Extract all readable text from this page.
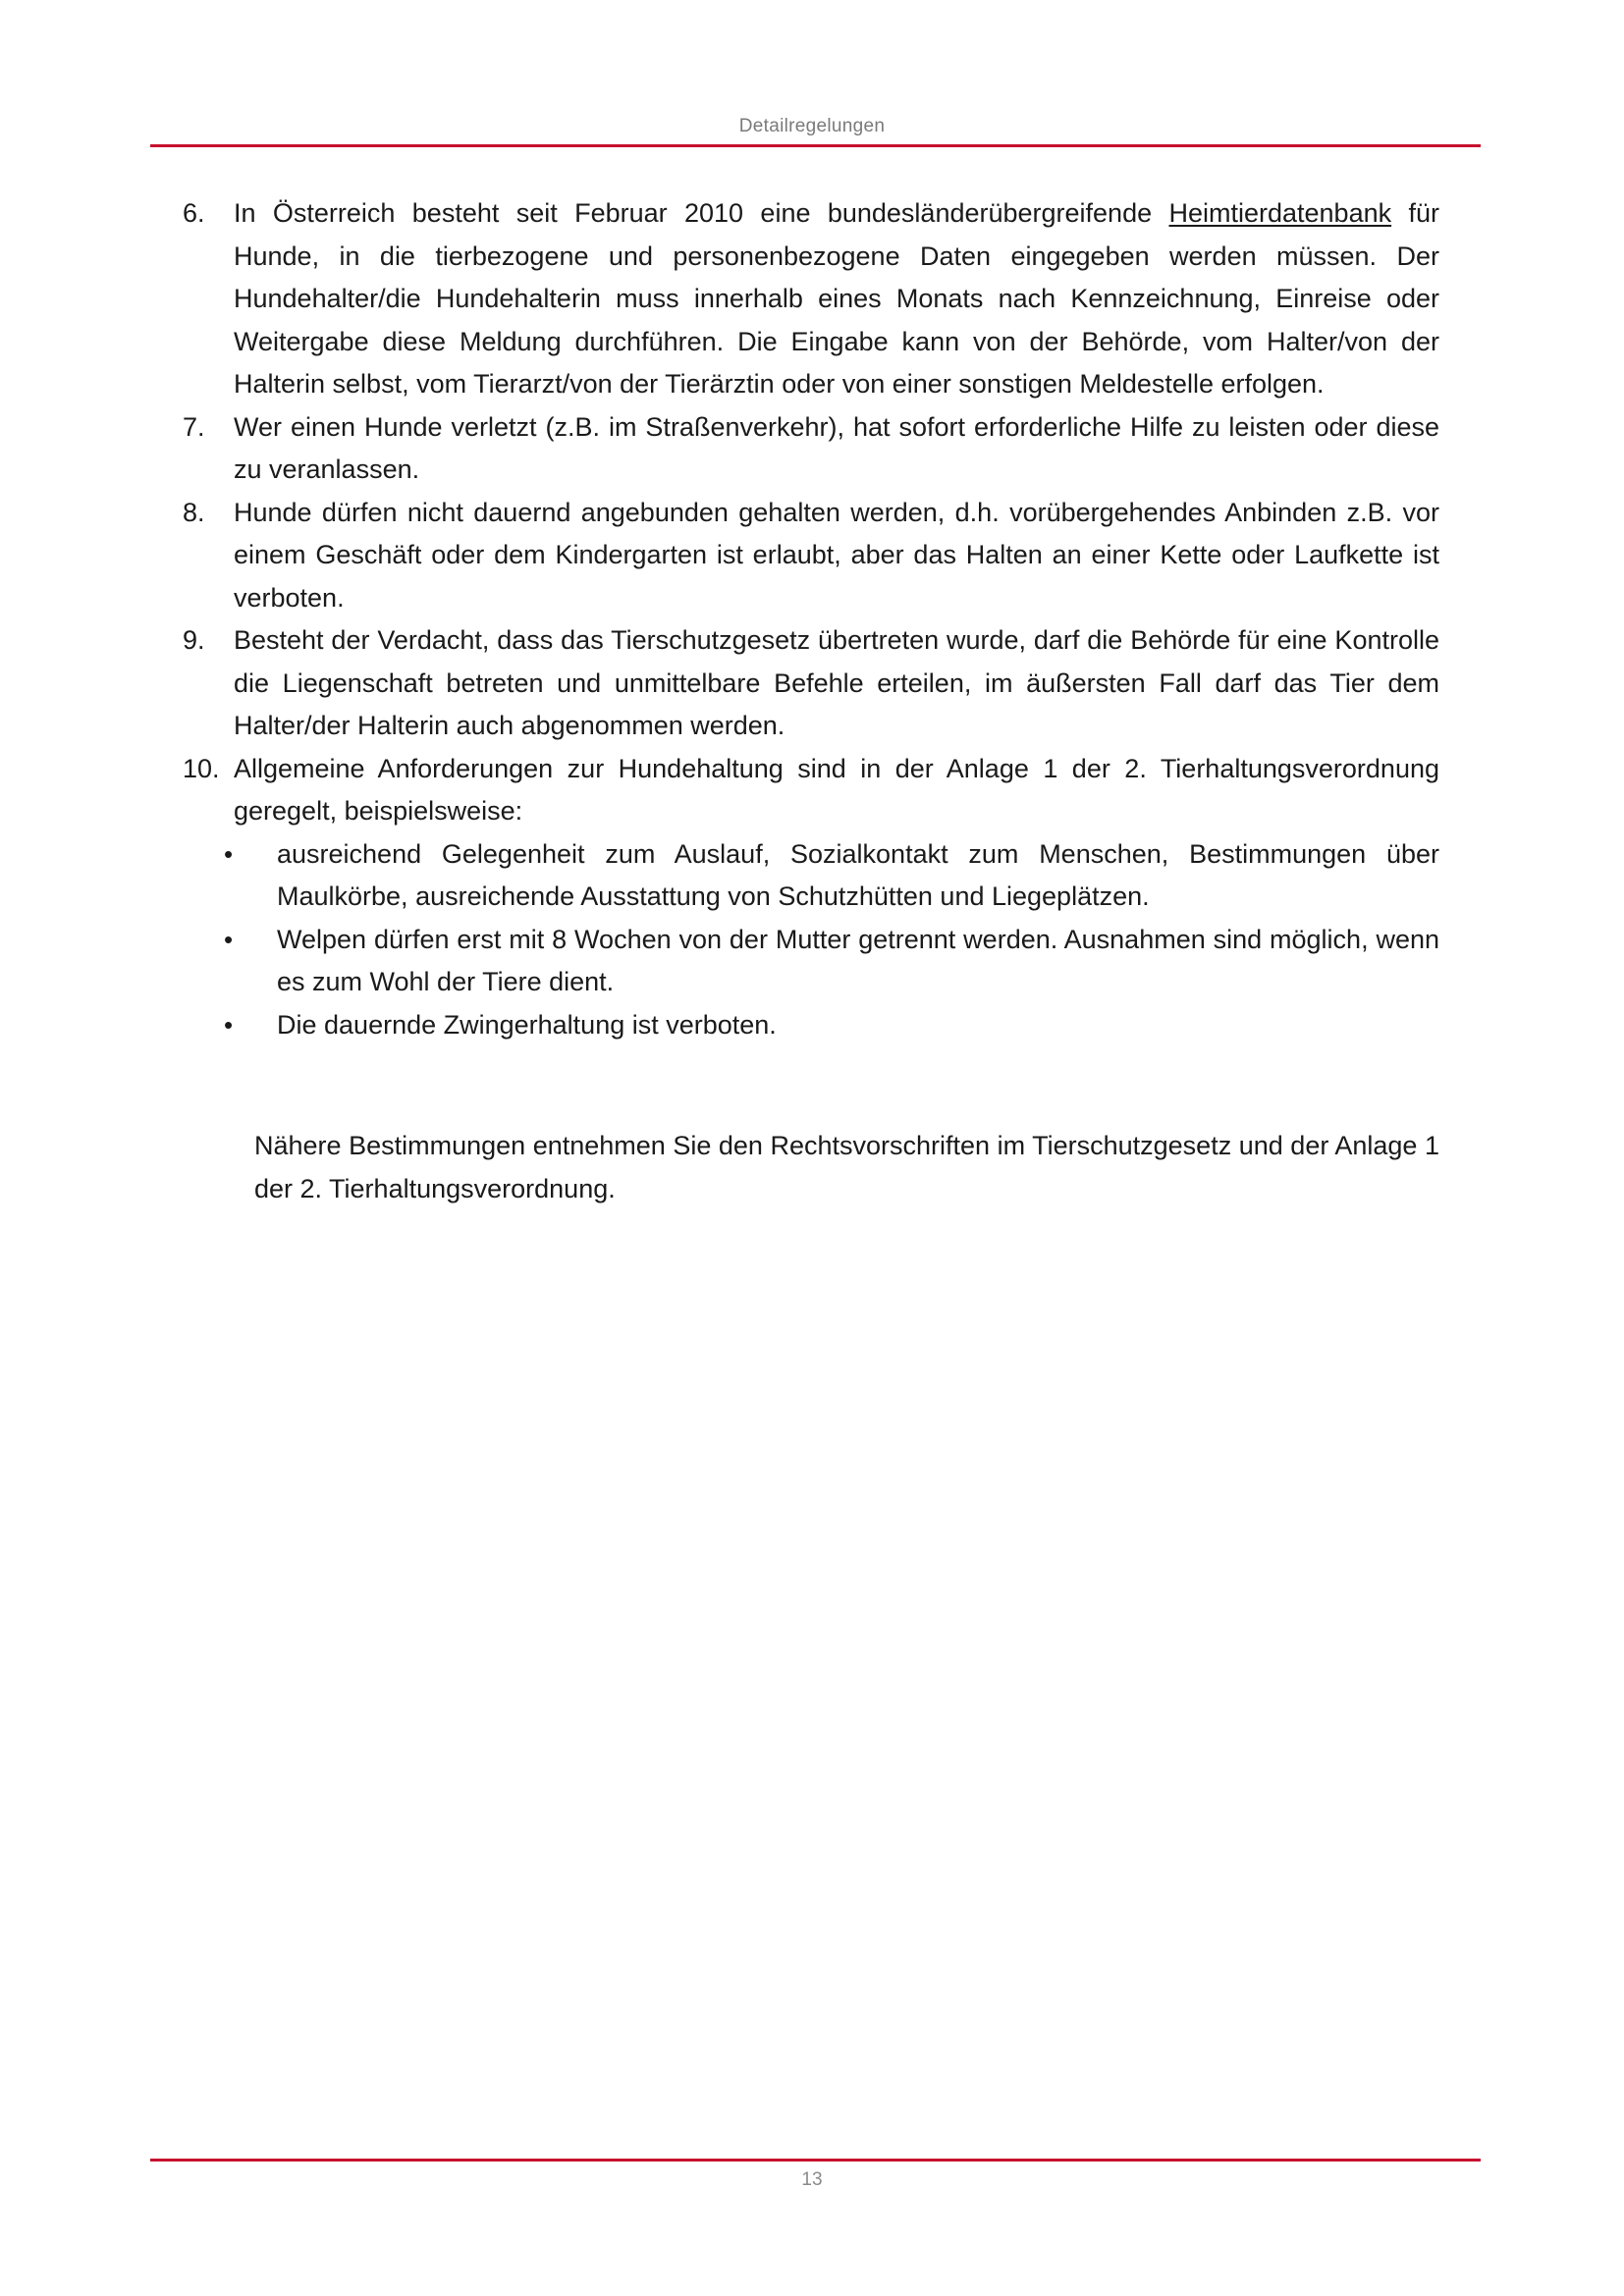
Detailregelungen
6. In Österreich besteht seit Februar 2010 eine bundesländerübergreifende Heimtierdatenbank für Hunde, in die tierbezogene und personenbezogene Daten eingegeben werden müssen. Der Hundehalter/die Hundehalterin muss innerhalb eines Monats nach Kennzeichnung, Einreise oder Weitergabe diese Meldung durchführen. Die Eingabe kann von der Behörde, vom Halter/von der Halterin selbst, vom Tierarzt/von der Tierärztin oder von einer sonstigen Meldestelle erfolgen.
7. Wer einen Hunde verletzt (z.B. im Straßenverkehr), hat sofort erforderliche Hilfe zu leisten oder diese zu veranlassen.
8. Hunde dürfen nicht dauernd angebunden gehalten werden, d.h. vorübergehendes Anbinden z.B. vor einem Geschäft oder dem Kindergarten ist erlaubt, aber das Halten an einer Kette oder Laufkette ist verboten.
9. Besteht der Verdacht, dass das Tierschutzgesetz übertreten wurde, darf die Behörde für eine Kontrolle die Liegenschaft betreten und unmittelbare Befehle erteilen, im äußersten Fall darf das Tier dem Halter/der Halterin auch abgenommen werden.
10. Allgemeine Anforderungen zur Hundehaltung sind in der Anlage 1 der 2. Tierhaltungsverordnung geregelt, beispielsweise:
• ausreichend Gelegenheit zum Auslauf, Sozialkontakt zum Menschen, Bestimmungen über Maulkörbe, ausreichende Ausstattung von Schutzhütten und Liegeplätzen.
• Welpen dürfen erst mit 8 Wochen von der Mutter getrennt werden. Ausnahmen sind möglich, wenn es zum Wohl der Tiere dient.
• Die dauernde Zwingerhaltung ist verboten.
Nähere Bestimmungen entnehmen Sie den Rechtsvorschriften im Tierschutzgesetz und der Anlage 1 der 2. Tierhaltungsverordnung.
13
